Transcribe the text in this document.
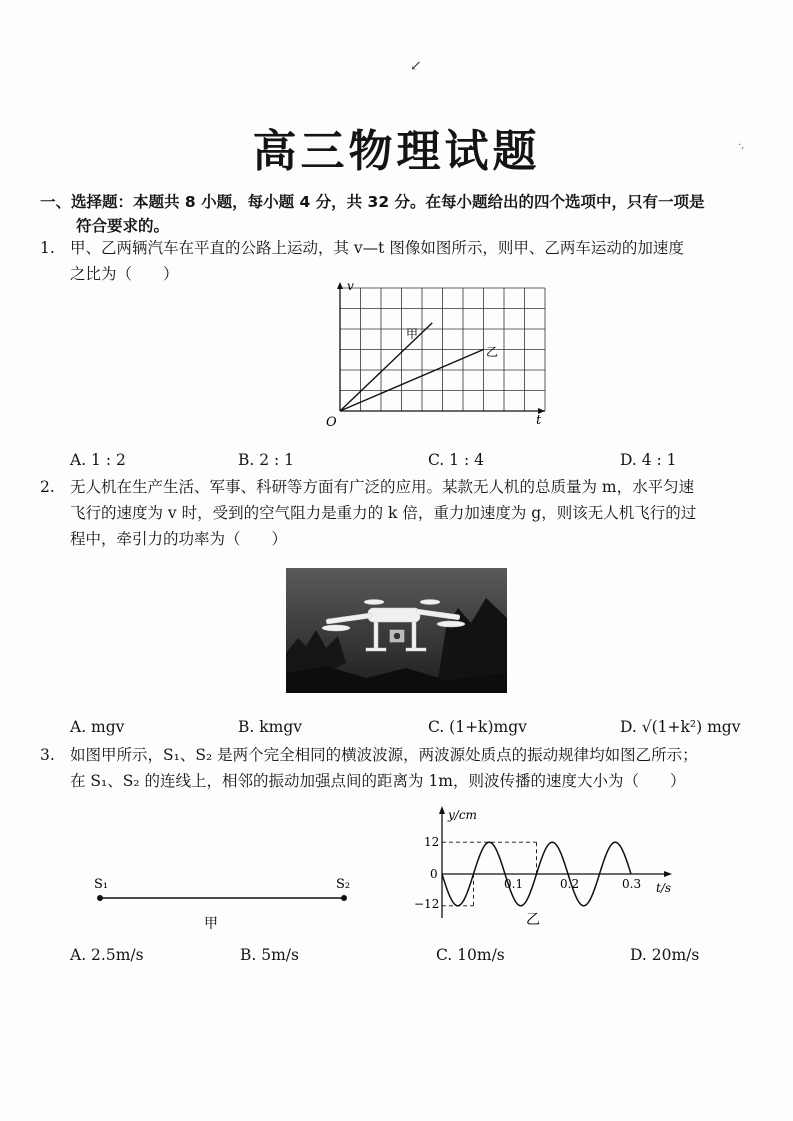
↙
高三物理试题	·,
一、选择题：本题共 8 小题，每小题 4 分，共 32 分。在每小题给出的四个选项中，只有一项是
符合要求的。
1. 甲、乙两辆汽车在平直的公路上运动，其 v—t 图像如图所示，则甲、乙两车运动的加速度
之比为（　　）
v
t
O
甲
乙
A. 1 : 2	B. 2 : 1	C. 1 : 4	D. 4 : 1
2. 无人机在生产生活、军事、科研等方面有广泛的应用。某款无人机的总质量为 m，水平匀速
飞行的速度为 v 时，受到的空气阻力是重力的 k 倍，重力加速度为 g，则该无人机飞行的过
程中，牵引力的功率为（　　）
A. mgv	B. kmgv	C. (1+k)mgv	D. √(1+k²) mgv
3. 如图甲所示，S₁、S₂ 是两个完全相同的横波波源，两波源处质点的振动规律均如图乙所示；
在 S₁、S₂ 的连线上，相邻的振动加强点间的距离为 1m，则波传播的速度大小为（　　）
S₁	S₂
甲
y/cm
t/s
12
0
−12
0.1	0.2	0.3
乙
A. 2.5m/s	B. 5m/s	C. 10m/s	D. 20m/s
